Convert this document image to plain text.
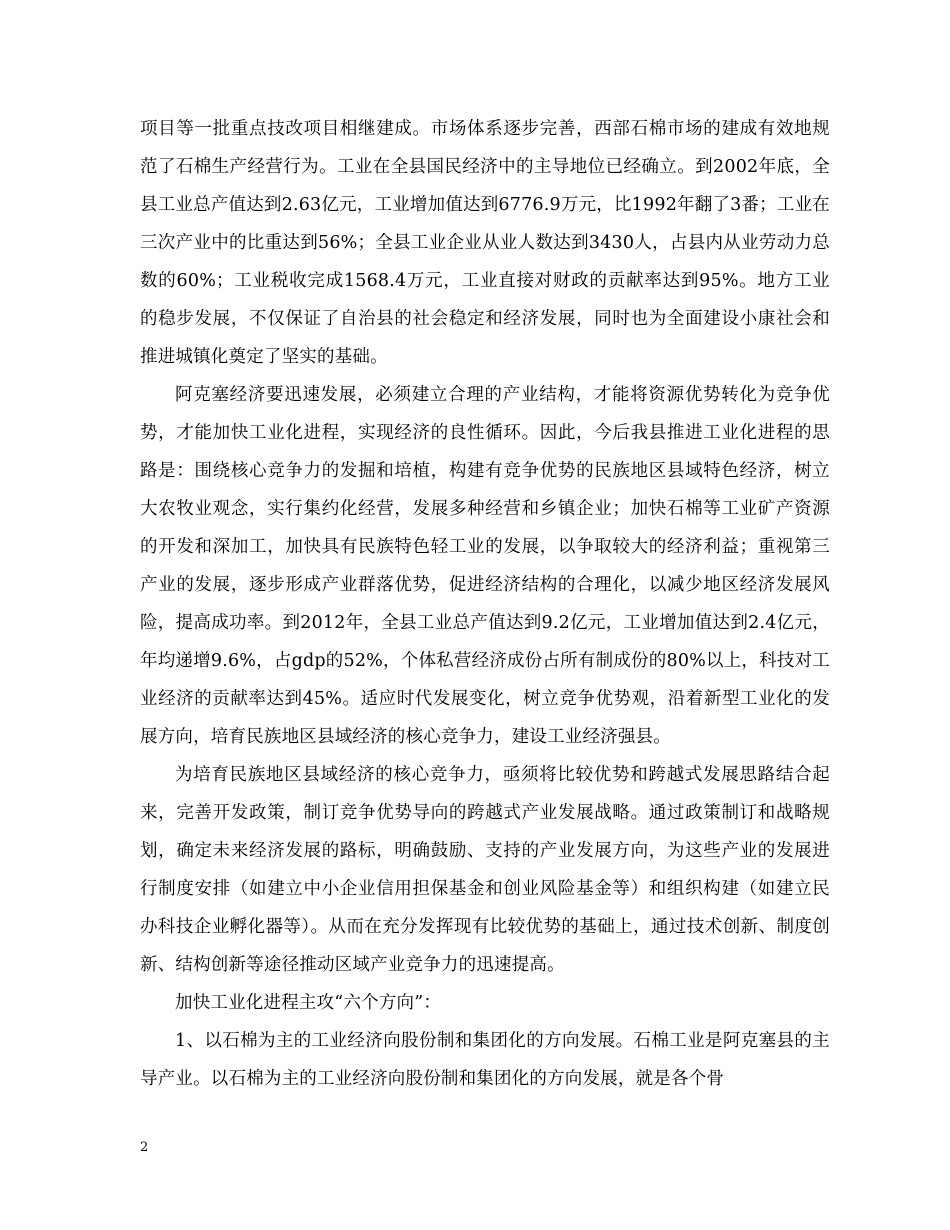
项目等一批重点技改项目相继建成。市场体系逐步完善，西部石棉市场的建成有效地规范了石棉生产经营行为。工业在全县国民经济中的主导地位已经确立。到2002年底，全县工业总产值达到2.63亿元，工业增加值达到6776.9万元，比1992年翻了3番；工业在三次产业中的比重达到56%；全县工业企业从业人数达到3430人，占县内从业劳动力总数的60%；工业税收完成1568.4万元，工业直接对财政的贡献率达到95%。地方工业的稳步发展，不仅保证了自治县的社会稳定和经济发展，同时也为全面建设小康社会和推进城镇化奠定了坚实的基础。

阿克塞经济要迅速发展，必须建立合理的产业结构，才能将资源优势转化为竞争优势，才能加快工业化进程，实现经济的良性循环。因此，今后我县推进工业化进程的思路是：围绕核心竞争力的发掘和培植，构建有竞争优势的民族地区县域特色经济，树立大农牧业观念，实行集约化经营，发展多种经营和乡镇企业；加快石棉等工业矿产资源的开发和深加工，加快具有民族特色轻工业的发展，以争取较大的经济利益；重视第三产业的发展，逐步形成产业群落优势，促进经济结构的合理化，以减少地区经济发展风险，提高成功率。到2012年，全县工业总产值达到9.2亿元，工业增加值达到2.4亿元，年均递增9.6%，占gdp的52%，个体私营经济成份占所有制成份的80%以上，科技对工业经济的贡献率达到45%。适应时代发展变化，树立竞争优势观，沿着新型工业化的发展方向，培育民族地区县域经济的核心竞争力，建设工业经济强县。

为培育民族地区县域经济的核心竞争力，亟须将比较优势和跨越式发展思路结合起来，完善开发政策，制订竞争优势导向的跨越式产业发展战略。通过政策制订和战略规划，确定未来经济发展的路标，明确鼓励、支持的产业发展方向，为这些产业的发展进行制度安排（如建立中小企业信用担保基金和创业风险基金等）和组织构建（如建立民办科技企业孵化器等）。从而在充分发挥现有比较优势的基础上，通过技术创新、制度创新、结构创新等途径推动区域产业竞争力的迅速提高。

加快工业化进程主攻“六个方向”：

1、以石棉为主的工业经济向股份制和集团化的方向发展。石棉工业是阿克塞县的主导产业。以石棉为主的工业经济向股份制和集团化的方向发展，就是各个骨

2
